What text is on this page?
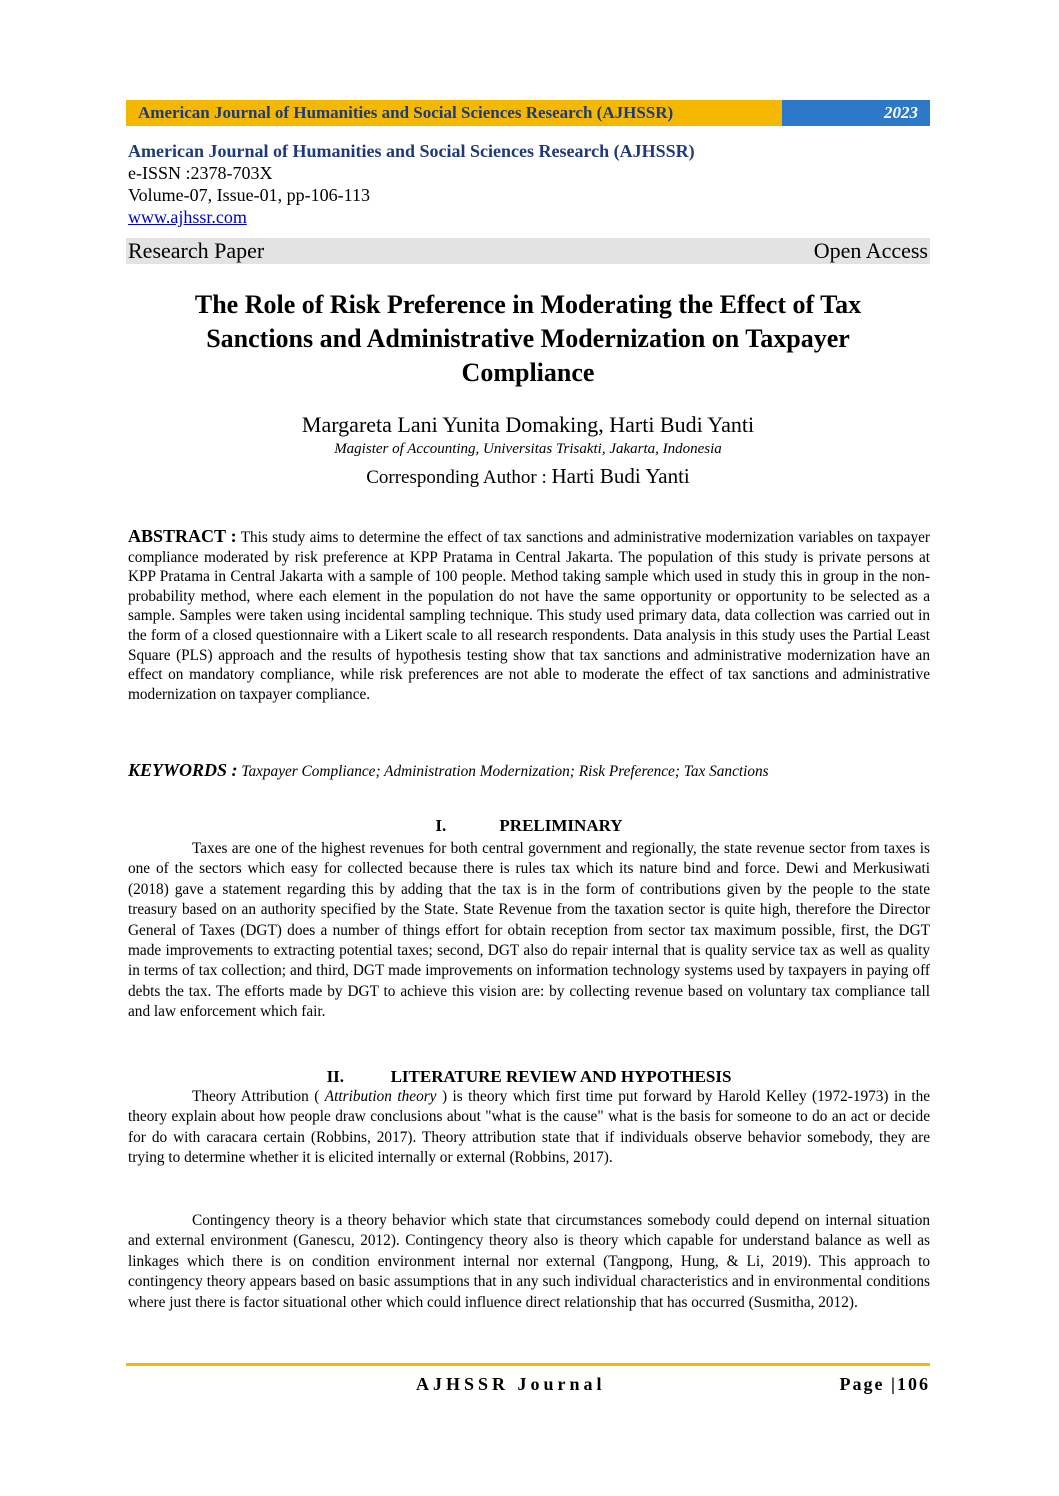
American Journal of Humanities and Social Sciences Research (AJHSSR)	2023
American Journal of Humanities and Social Sciences Research (AJHSSR)
e-ISSN :2378-703X
Volume-07, Issue-01, pp-106-113
www.ajhssr.com
Research Paper	Open Access
The Role of Risk Preference in Moderating the Effect of Tax
Sanctions and Administrative Modernization on Taxpayer
Compliance
Margareta Lani Yunita Domaking, Harti Budi Yanti
Magister of Accounting, Universitas Trisakti, Jakarta, Indonesia
Corresponding Author : Harti Budi Yanti
ABSTRACT : This study aims to determine the effect of tax sanctions and administrative modernization variables on taxpayer compliance moderated by risk preference at KPP Pratama in Central Jakarta. The population of this study is private persons at KPP Pratama in Central Jakarta with a sample of 100 people. Method taking sample which used in study this in group in the non-probability method, where each element in the population do not have the same opportunity or opportunity to be selected as a sample. Samples were taken using incidental sampling technique. This study used primary data, data collection was carried out in the form of a closed questionnaire with a Likert scale to all research respondents. Data analysis in this study uses the Partial Least Square (PLS) approach and the results of hypothesis testing show that tax sanctions and administrative modernization have an effect on mandatory compliance, while risk preferences are not able to moderate the effect of tax sanctions and administrative modernization on taxpayer compliance.
KEYWORDS : Taxpayer Compliance; Administration Modernization; Risk Preference; Tax Sanctions
I.	PRELIMINARY
Taxes are one of the highest revenues for both central government and regionally, the state revenue sector from taxes is one of the sectors which easy for collected because there is rules tax which its nature bind and force. Dewi and Merkusiwati (2018) gave a statement regarding this by adding that the tax is in the form of contributions given by the people to the state treasury based on an authority specified by the State. State Revenue from the taxation sector is quite high, therefore the Director General of Taxes (DGT) does a number of things effort for obtain reception from sector tax maximum possible, first, the DGT made improvements to extracting potential taxes; second, DGT also do repair internal that is quality service tax as well as quality in terms of tax collection; and third, DGT made improvements on information technology systems used by taxpayers in paying off debts the tax. The efforts made by DGT to achieve this vision are: by collecting revenue based on voluntary tax compliance tall and law enforcement which fair.
II.	LITERATURE REVIEW AND HYPOTHESIS
Theory Attribution ( Attribution theory ) is theory which first time put forward by Harold Kelley (1972-1973) in the theory explain about how people draw conclusions about "what is the cause" what is the basis for someone to do an act or decide for do with caracara certain (Robbins, 2017). Theory attribution state that if individuals observe behavior somebody, they are trying to determine whether it is elicited internally or external (Robbins, 2017).
Contingency theory is a theory behavior which state that circumstances somebody could depend on internal situation and external environment (Ganescu, 2012). Contingency theory also is theory which capable for understand balance as well as linkages which there is on condition environment internal nor external (Tangpong, Hung, & Li, 2019). This approach to contingency theory appears based on basic assumptions that in any such individual characteristics and in environmental conditions where just there is factor situational other which could influence direct relationship that has occurred (Susmitha, 2012).
AJHSSR Journal	Page |106
